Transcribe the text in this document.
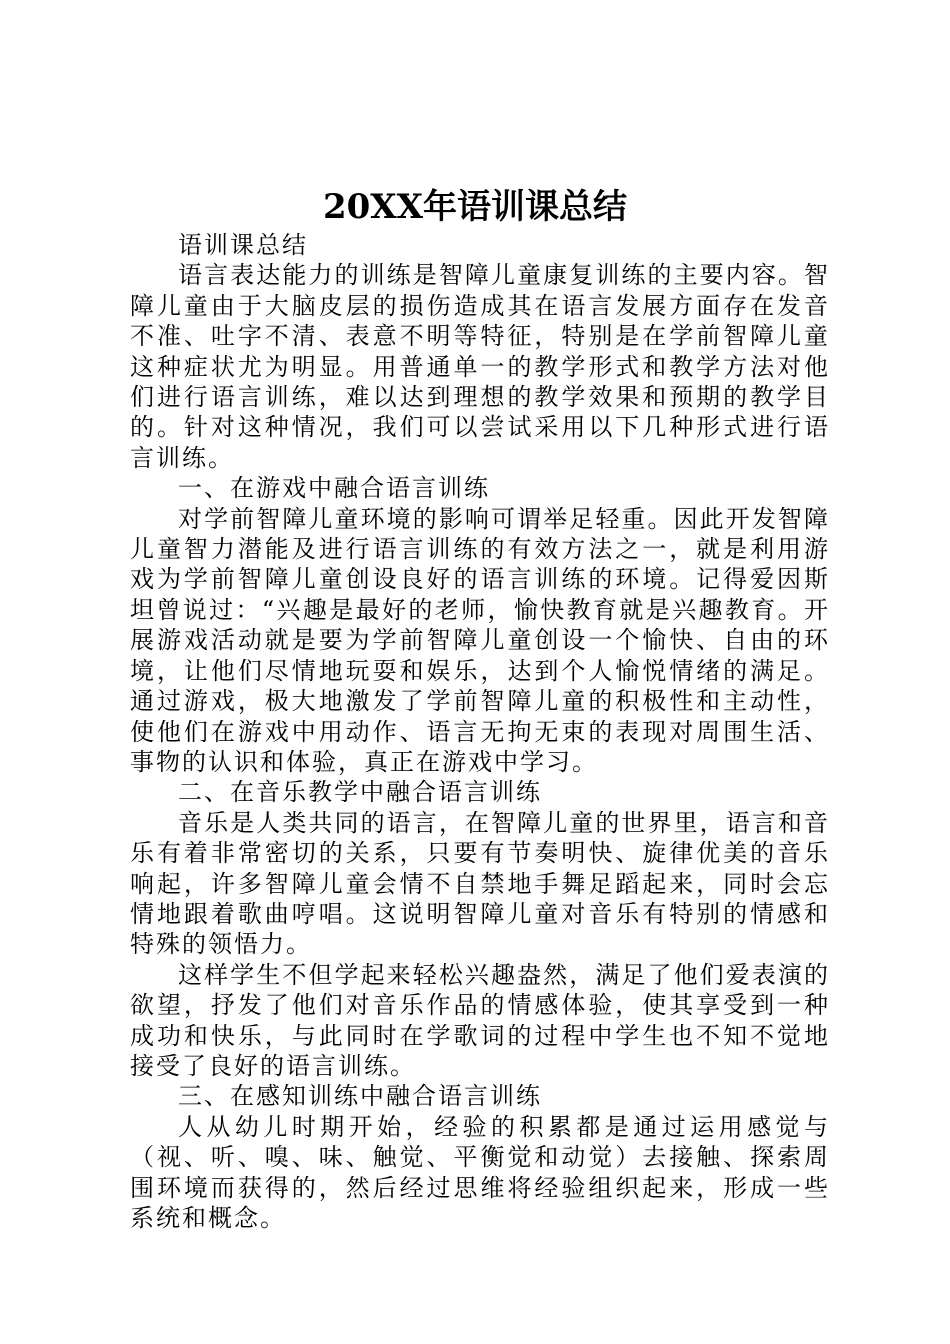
20XX年语训课总结

语训课总结

语言表达能力的训练是智障儿童康复训练的主要内容。智障儿童由于大脑皮层的损伤造成其在语言发展方面存在发音不准、吐字不清、表意不明等特征，特别是在学前智障儿童这种症状尤为明显。用普通单一的教学形式和教学方法对他们进行语言训练，难以达到理想的教学效果和预期的教学目的。针对这种情况，我们可以尝试采用以下几种形式进行语言训练。

一、在游戏中融合语言训练

对学前智障儿童环境的影响可谓举足轻重。因此开发智障儿童智力潜能及进行语言训练的有效方法之一，就是利用游戏为学前智障儿童创设良好的语言训练的环境。记得爱因斯坦曾说过：“兴趣是最好的老师，愉快教育就是兴趣教育。开展游戏活动就是要为学前智障儿童创设一个愉快、自由的环境，让他们尽情地玩耍和娱乐，达到个人愉悦情绪的满足。通过游戏，极大地激发了学前智障儿童的积极性和主动性，使他们在游戏中用动作、语言无拘无束的表现对周围生活、事物的认识和体验，真正在游戏中学习。

二、在音乐教学中融合语言训练

音乐是人类共同的语言，在智障儿童的世界里，语言和音乐有着非常密切的关系，只要有节奏明快、旋律优美的音乐响起，许多智障儿童会情不自禁地手舞足蹈起来，同时会忘情地跟着歌曲哼唱。这说明智障儿童对音乐有特别的情感和特殊的领悟力。

这样学生不但学起来轻松兴趣盎然，满足了他们爱表演的欲望，抒发了他们对音乐作品的情感体验，使其享受到一种成功和快乐，与此同时在学歌词的过程中学生也不知不觉地接受了良好的语言训练。

三、在感知训练中融合语言训练

人从幼儿时期开始，经验的积累都是通过运用感觉与（视、听、嗅、味、触觉、平衡觉和动觉）去接触、探索周围环境而获得的，然后经过思维将经验组织起来，形成一些系统和概念。
